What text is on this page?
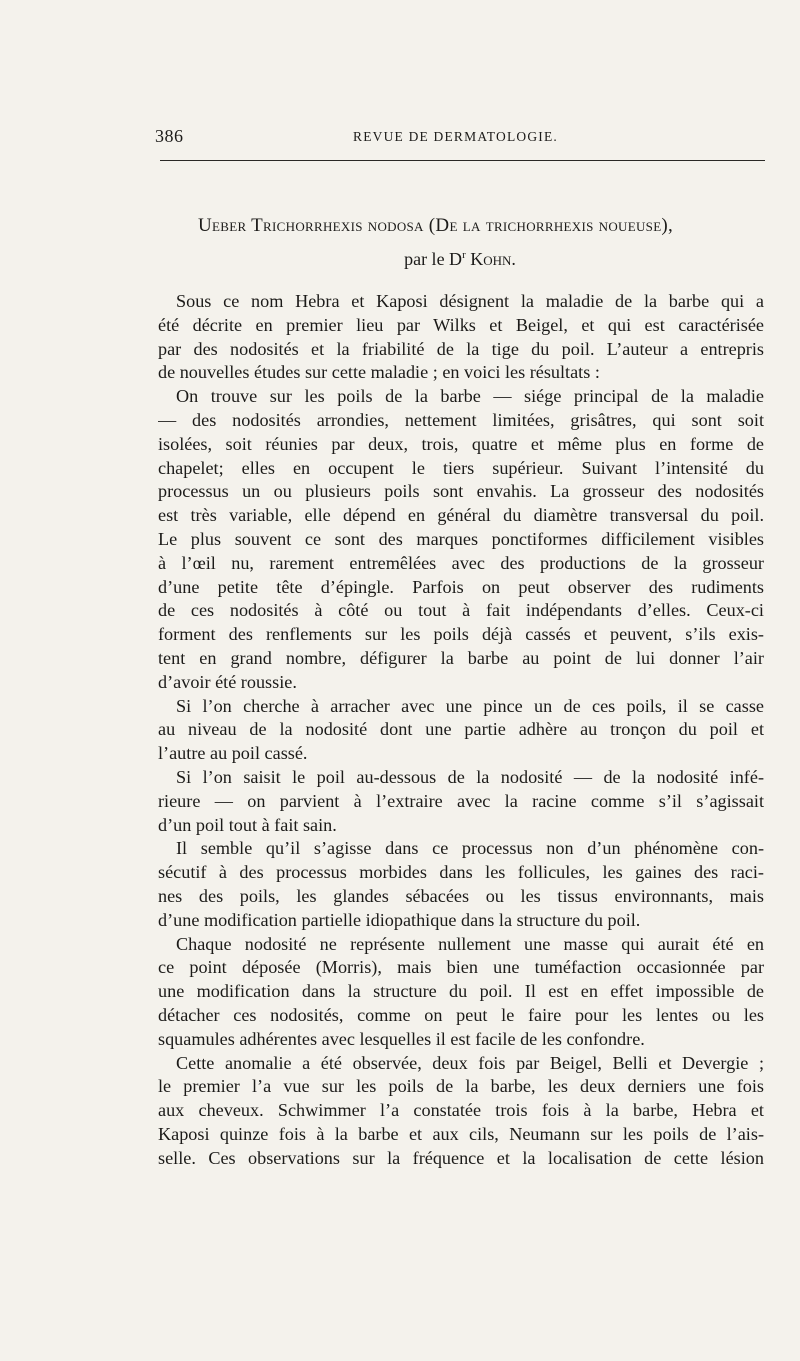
386	REVUE DE DERMATOLOGIE.
Ueber Trichorrhexis nodosa (De la trichorrhexis noueuse),
par le $D^r$ Kohn.
Sous ce nom Hebra et Kaposi désignent la maladie de la barbe qui a
été décrite en premier lieu par Wilks et Beigel, et qui est caractérisée
par des nodosités et la friabilité de la tige du poil. L’auteur a entrepris
de nouvelles études sur cette maladie ; en voici les résultats :
On trouve sur les poils de la barbe — siége principal de la maladie
— des nodosités arrondies, nettement limitées, grisâtres, qui sont soit
isolées, soit réunies par deux, trois, quatre et même plus en forme de
chapelet; elles en occupent le tiers supérieur. Suivant l’intensité du
processus un ou plusieurs poils sont envahis. La grosseur des nodosités
est très variable, elle dépend en général du diamètre transversal du poil.
Le plus souvent ce sont des marques ponctiformes difficilement visibles
à l’œil nu, rarement entremêlées avec des productions de la grosseur
d’une petite tête d’épingle. Parfois on peut observer des rudiments
de ces nodosités à côté ou tout à fait indépendants d’elles. Ceux-ci
forment des renflements sur les poils déjà cassés et peuvent, s’ils exis-
tent en grand nombre, défigurer la barbe au point de lui donner l’air
d’avoir été roussie.
Si l’on cherche à arracher avec une pince un de ces poils, il se casse
au niveau de la nodosité dont une partie adhère au tronçon du poil et
l’autre au poil cassé.
Si l’on saisit le poil au-dessous de la nodosité — de la nodosité infé-
rieure — on parvient à l’extraire avec la racine comme s’il s’agissait
d’un poil tout à fait sain.
Il semble qu’il s’agisse dans ce processus non d’un phénomène con-
sécutif à des processus morbides dans les follicules, les gaines des raci-
nes des poils, les glandes sébacées ou les tissus environnants, mais
d’une modification partielle idiopathique dans la structure du poil.
Chaque nodosité ne représente nullement une masse qui aurait été en
ce point déposée (Morris), mais bien une tuméfaction occasionnée par
une modification dans la structure du poil. Il est en effet impossible de
détacher ces nodosités, comme on peut le faire pour les lentes ou les
squamules adhérentes avec lesquelles il est facile de les confondre.
Cette anomalie a été observée, deux fois par Beigel, Belli et Devergie ;
le premier l’a vue sur les poils de la barbe, les deux derniers une fois
aux cheveux. Schwimmer l’a constatée trois fois à la barbe, Hebra et
Kaposi quinze fois à la barbe et aux cils, Neumann sur les poils de l’ais-
selle. Ces observations sur la fréquence et la localisation de cette lésion
